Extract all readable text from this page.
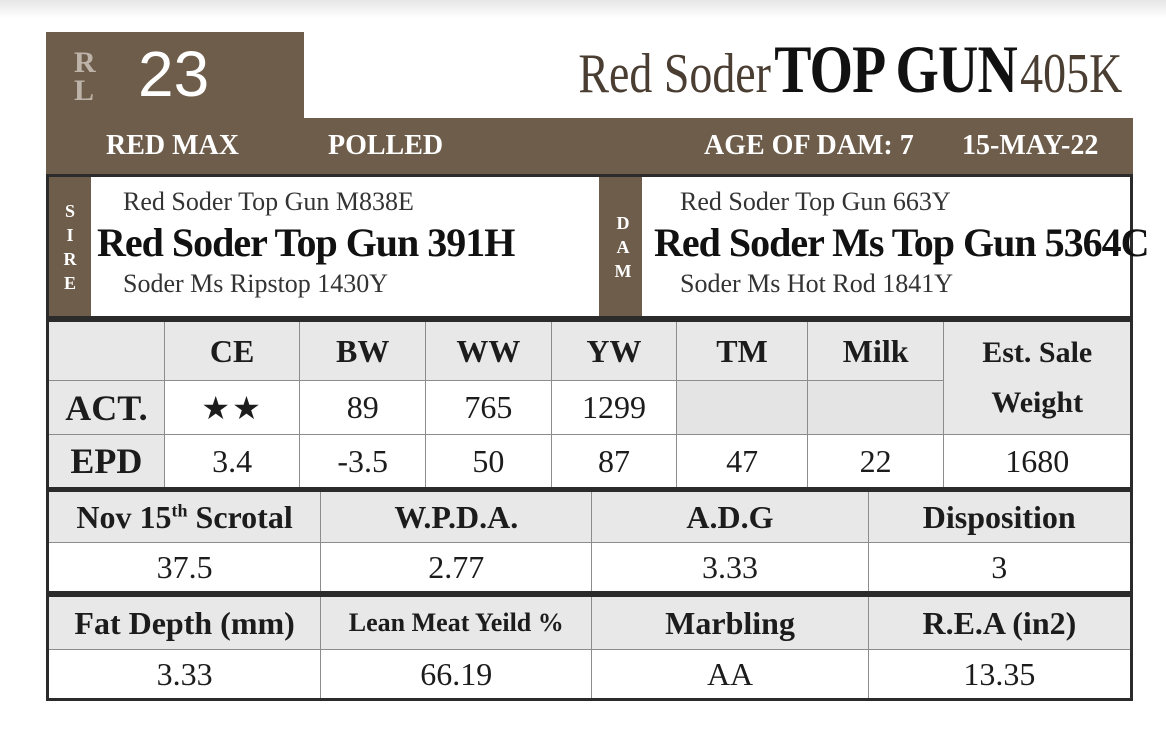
R
L 23	Red Soder TOP GUN 405K
RED MAX	POLLED	AGE OF DAM: 7 15-MAY-22
S
I
R
E
Red Soder Top Gun M838E
Red Soder Top Gun 391H
Soder Ms Ripstop 1430Y
D
A
M
Red Soder Top Gun 663Y
Red Soder Ms Top Gun 5364C
Soder Ms Hot Rod 1841Y
	CE	BW	WW	YW	TM	Milk	Est. Sale Weight
ACT.	★★	89	765	1299			
EPD	3.4	-3.5	50	87	47	22	1680
Nov 15th Scrotal	W.P.D.A.	A.D.G	Disposition
37.5	2.77	3.33	3
Fat Depth (mm)	Lean Meat Yeild %	Marbling	R.E.A (in2)
3.33	66.19	AA	13.35
